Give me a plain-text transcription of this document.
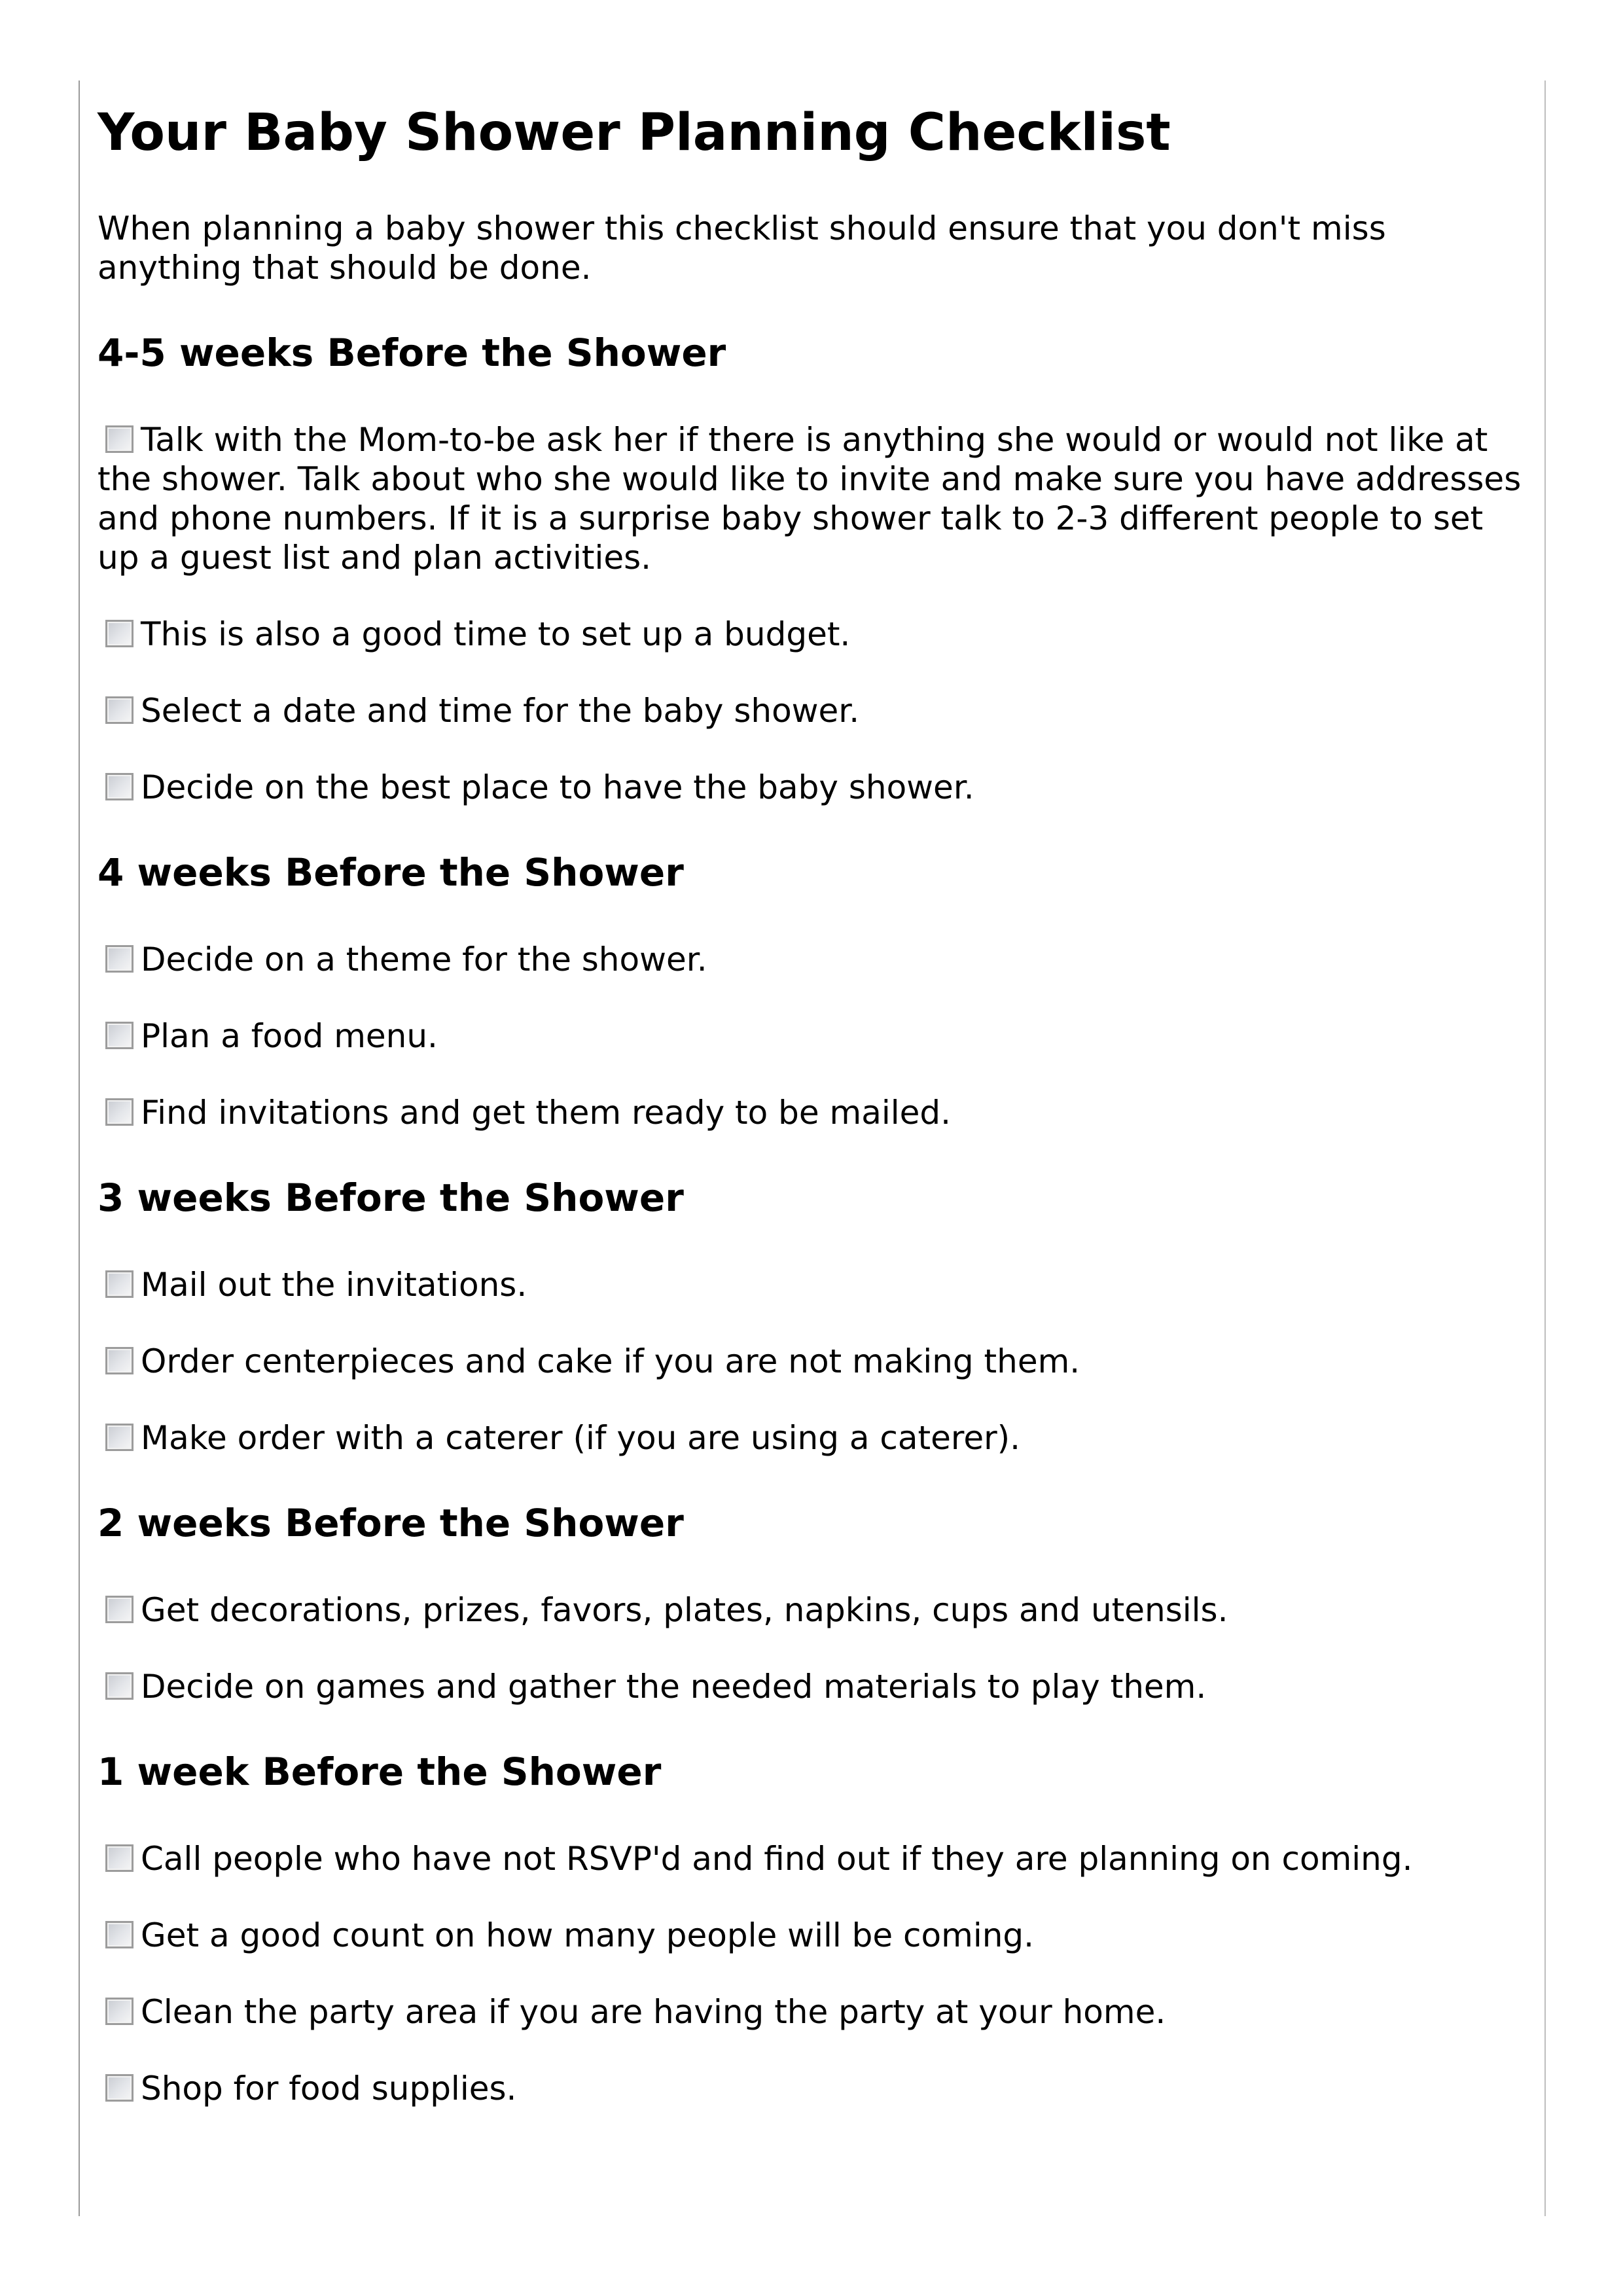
Your Baby Shower Planning Checklist

When planning a baby shower this checklist should ensure that you don't miss anything that should be done.

4-5 weeks Before the Shower

Talk with the Mom-to-be ask her if there is anything she would or would not like at the shower. Talk about who she would like to invite and make sure you have addresses and phone numbers. If it is a surprise baby shower talk to 2-3 different people to set up a guest list and plan activities.

This is also a good time to set up a budget.

Select a date and time for the baby shower.

Decide on the best place to have the baby shower.

4 weeks Before the Shower

Decide on a theme for the shower.

Plan a food menu.

Find invitations and get them ready to be mailed.

3 weeks Before the Shower

Mail out the invitations.

Order centerpieces and cake if you are not making them.

Make order with a caterer (if you are using a caterer).

2 weeks Before the Shower

Get decorations, prizes, favors, plates, napkins, cups and utensils.

Decide on games and gather the needed materials to play them.

1 week Before the Shower

Call people who have not RSVP'd and find out if they are planning on coming.

Get a good count on how many people will be coming.

Clean the party area if you are having the party at your home.

Shop for food supplies.
